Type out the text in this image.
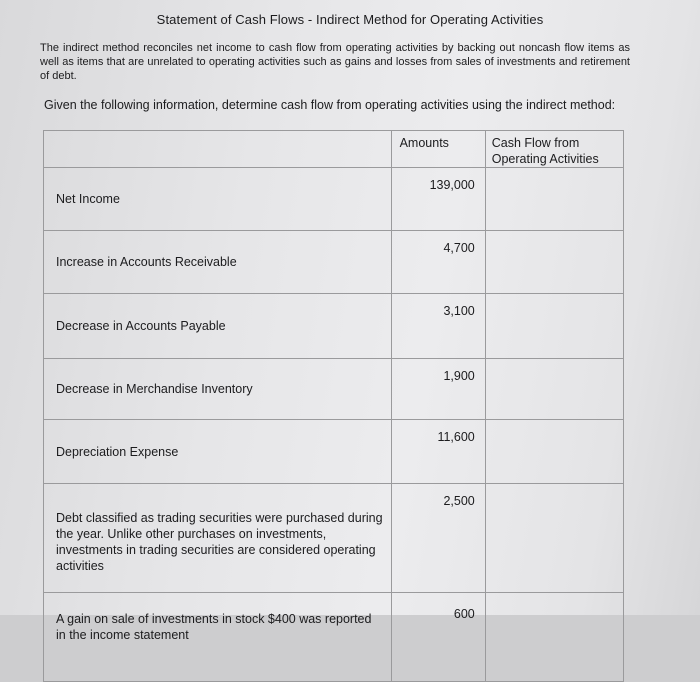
Statement of Cash Flows - Indirect Method for Operating Activities
The indirect method reconciles net income to cash flow from operating activities by backing out noncash flow items as well as items that are unrelated to operating activities such as gains and losses from sales of investments and retirement of debt.
Given the following information, determine cash flow from operating activities using the indirect method:
	Amounts	Cash Flow from Operating Activities
Net Income	139,000	
Increase in Accounts Receivable	4,700	
Decrease in Accounts Payable	3,100	
Decrease in Merchandise Inventory	1,900	
Depreciation Expense	11,600	
Debt classified as trading securities were purchased during the year. Unlike other purchases on investments, investments in trading securities are considered operating activities	2,500	
A gain on sale of investments in stock $400 was reported in the income statement	600	
